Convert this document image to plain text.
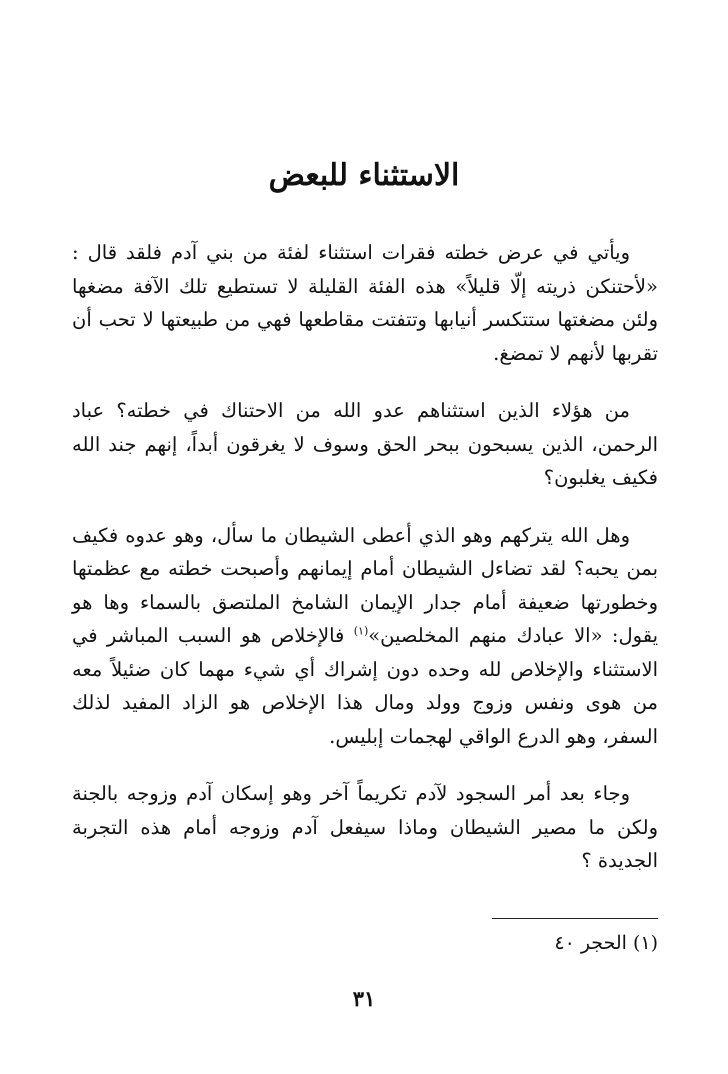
الاستثناء للبعض

ويأتي في عرض خطته فقرات استثناء لفئة من بني آدم فلقد قال : «لأحتنكن ذريته إلّا قليلاً» هذه الفئة القليلة لا تستطيع تلك الآفة مضغها ولئن مضغتها ستتكسر أنيابها وتتفتت مقاطعها فهي من طبيعتها لا تحب أن تقربها لأنهم لا تمضغ.

من هؤلاء الذين استثناهم عدو الله من الاحتناك في خطته؟ عباد الرحمن، الذين يسبحون ببحر الحق وسوف لا يغرقون أبداً، إنهم جند الله فكيف يغلبون؟

وهل الله يتركهم وهو الذي أعطى الشيطان ما سأل، وهو عدوه فكيف بمن يحبه؟ لقد تضاءل الشيطان أمام إيمانهم وأصبحت خطته مع عظمتها وخطورتها ضعيفة أمام جدار الإيمان الشامخ الملتصق بالسماء وها هو يقول: «الا عبادك منهم المخلصين»$^{(١)}$ فالإخلاص هو السبب المباشر في الاستثناء والإخلاص لله وحده دون إشراك أي شيء مهما كان ضئيلاً معه من هوى ونفس وزوج وولد ومال هذا الإخلاص هو الزاد المفيد لذلك السفر، وهو الدرع الواقي لهجمات إبليس.

وجاء بعد أمر السجود لآدم تكريماً آخر وهو إسكان آدم وزوجه بالجنة ولكن ما مصير الشيطان وماذا سيفعل آدم وزوجه أمام هذه التجربة الجديدة ؟

(١) الحجر ٤٠
٣١
